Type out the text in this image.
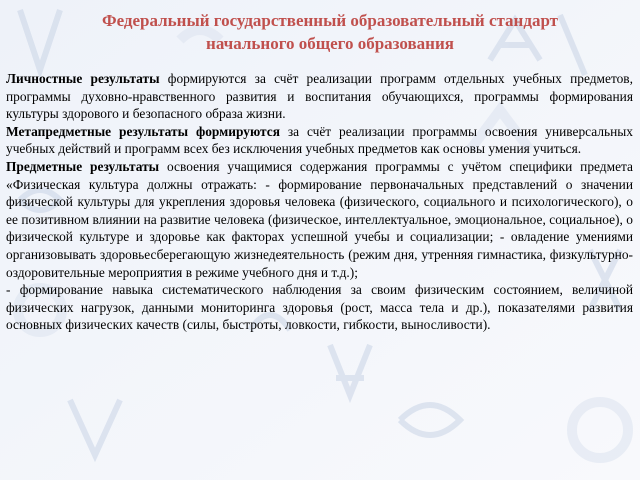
Федеральный государственный образовательный стандарт
начального общего образования

Личностные результаты формируются за счёт реализации программ отдельных учебных предметов, программы духовно-нравственного развития и воспитания обучающихся, программы формирования культуры здорового и безопасного образа жизни.

Метапредметные результаты формируются за счёт реализации программы освоения универсальных учебных действий и программ всех без исключения учебных предметов как основы умения учиться.

Предметные результаты освоения учащимися содержания программы с учётом специфики предмета «Физическая культура должны отражать: - формирование первоначальных представлений о значении физической культуры для укрепления здоровья человека (физического, социального и психологического), о ее позитивном влиянии на развитие человека (физическое, интеллектуальное, эмоциональное, социальное), о физической культуре и здоровье как факторах успешной учебы и социализации; - овладение умениями организовывать здоровьесберегающую жизнедеятельность (режим дня, утренняя гимнастика, физкультурно-оздоровительные мероприятия в режиме учебного дня и т.д.);

- формирование навыка систематического наблюдения за своим физическим состоянием, величиной физических нагрузок, данными мониторинга здоровья (рост, масса тела и др.), показателями развития основных физических качеств (силы, быстроты, ловкости, гибкости, выносливости).
